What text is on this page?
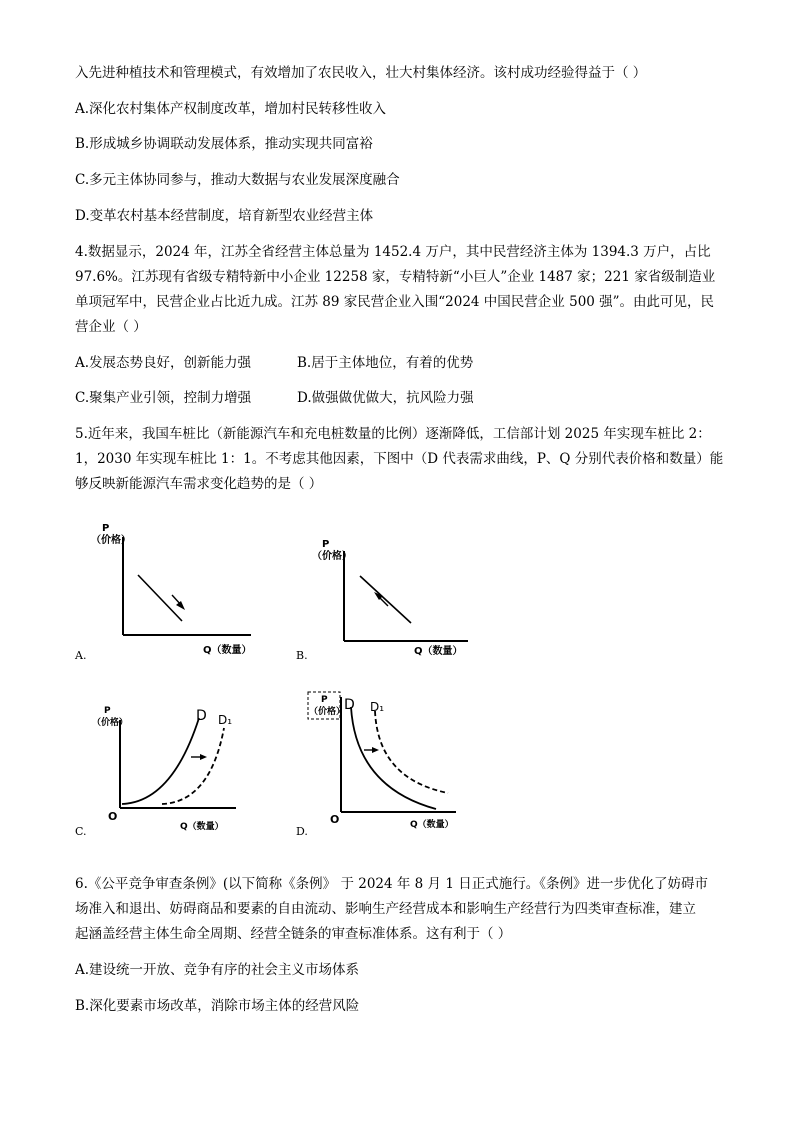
入先进种植技术和管理模式，有效增加了农民收入，壮大村集体经济。该村成功经验得益于（ ）
A.深化农村集体产权制度改革，增加村民转移性收入
B.形成城乡协调联动发展体系，推动实现共同富裕
C.多元主体协同参与，推动大数据与农业发展深度融合
D.变革农村基本经营制度，培育新型农业经营主体
4.数据显示，2024 年，江苏全省经营主体总量为 1452.4 万户，其中民营经济主体为 1394.3 万户，占比
97.6%。江苏现有省级专精特新中小企业 12258 家，专精特新“小巨人”企业 1487 家；221 家省级制造业
单项冠军中，民营企业占比近九成。江苏 89 家民营企业入围“2024 中国民营企业 500 强”。由此可见，民
营企业（ ）
A.发展态势良好，创新能力强	B.居于主体地位，有着的优势
C.聚集产业引领，控制力增强	D.做强做优做大，抗风险力强
5.近年来，我国车桩比（新能源汽车和充电桩数量的比例）逐渐降低，工信部计划 2025 年实现车桩比 2：
1，2030 年实现车桩比 1：1。不考虑其他因素，下图中（D 代表需求曲线，P、Q 分别代表价格和数量）能
够反映新能源汽车需求变化趋势的是（ ）
P
（价格）
Q（数量）
A.
P
（价格）
Q（数量）
B.
P
（价格）
O
D D₁
Q（数量）
C.
P
（价格）
O
D D₁
Q（数量）
D.
6.《公平竞争审查条例》(以下简称《条例》 于 2024 年 8 月 1 日正式施行。《条例》进一步优化了妨碍市
场准入和退出、妨碍商品和要素的自由流动、影响生产经营成本和影响生产经营行为四类审查标准，建立
起涵盖经营主体生命全周期、经营全链条的审查标准体系。这有利于（ ）
A.建设统一开放、竞争有序的社会主义市场体系
B.深化要素市场改革，消除市场主体的经营风险
